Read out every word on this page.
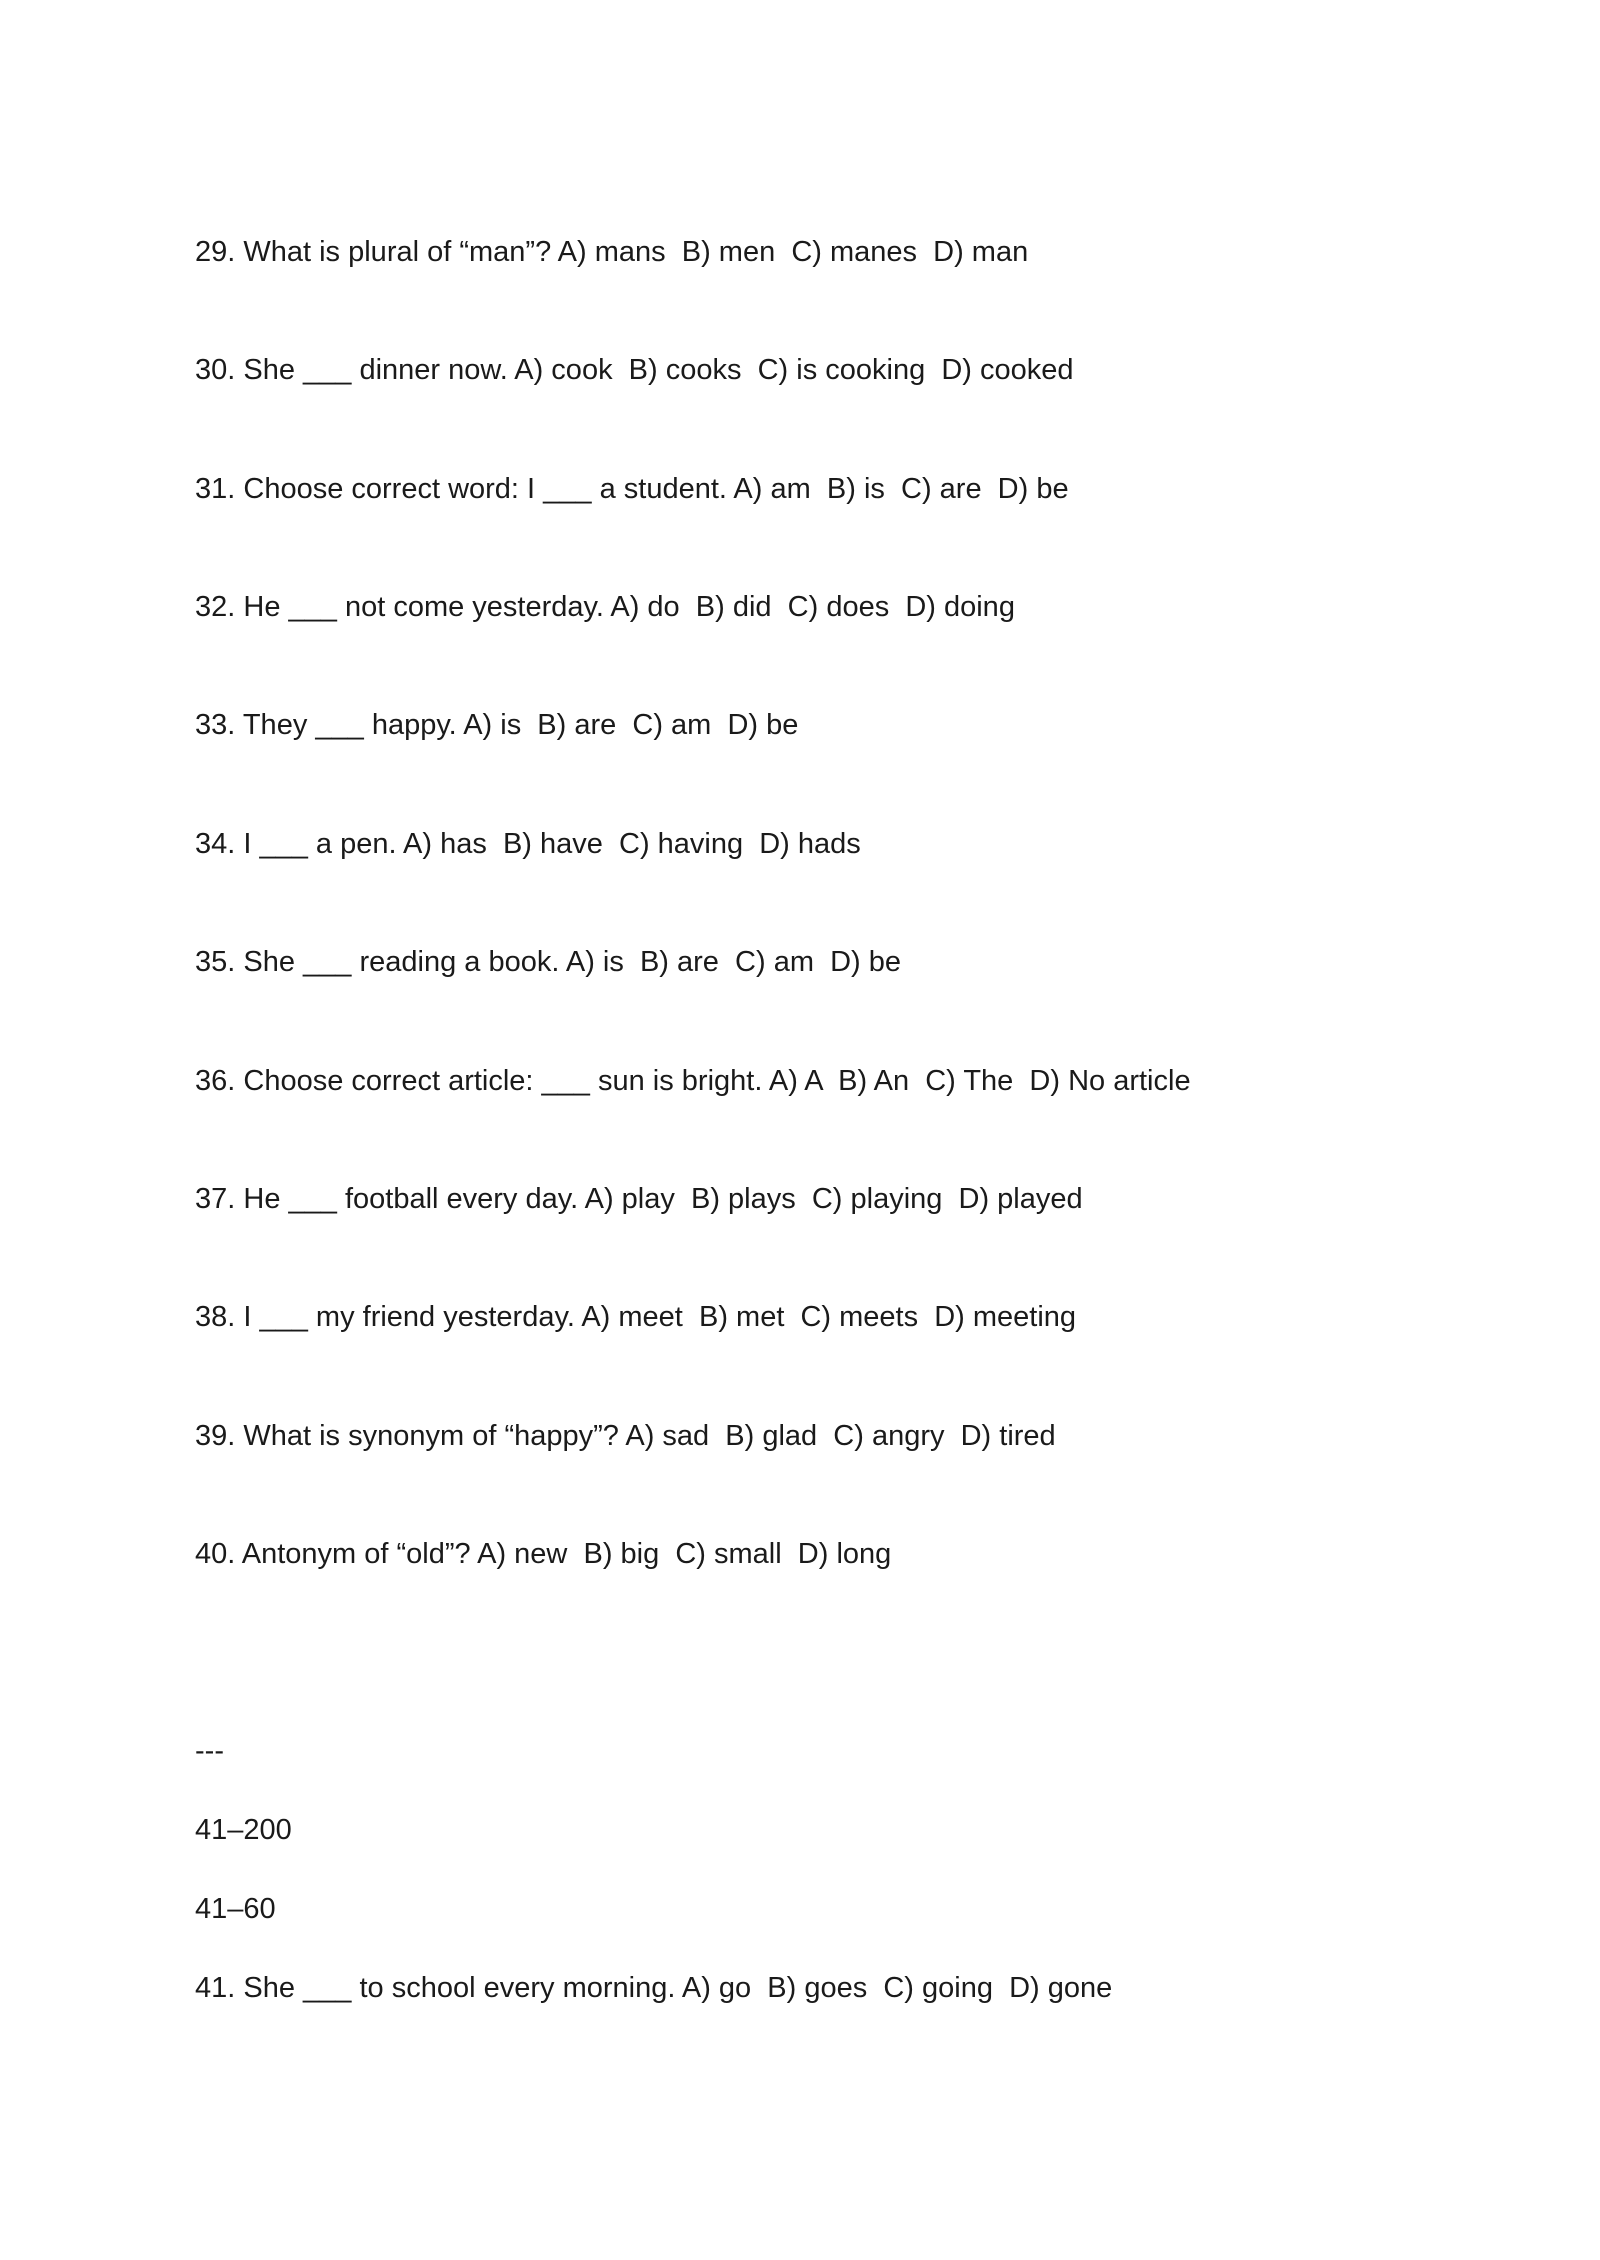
29. What is plural of “man”? A) mans  B) men  C) manes  D) man
30. She ___ dinner now. A) cook  B) cooks  C) is cooking  D) cooked
31. Choose correct word: I ___ a student. A) am  B) is  C) are  D) be
32. He ___ not come yesterday. A) do  B) did  C) does  D) doing
33. They ___ happy. A) is  B) are  C) am  D) be
34. I ___ a pen. A) has  B) have  C) having  D) hads
35. She ___ reading a book. A) is  B) are  C) am  D) be
36. Choose correct article: ___ sun is bright. A) A  B) An  C) The  D) No article
37. He ___ football every day. A) play  B) plays  C) playing  D) played
38. I ___ my friend yesterday. A) meet  B) met  C) meets  D) meeting
39. What is synonym of “happy”? A) sad  B) glad  C) angry  D) tired
40. Antonym of “old”? A) new  B) big  C) small  D) long
---
41–200
41–60
41. She ___ to school every morning. A) go  B) goes  C) going  D) gone
